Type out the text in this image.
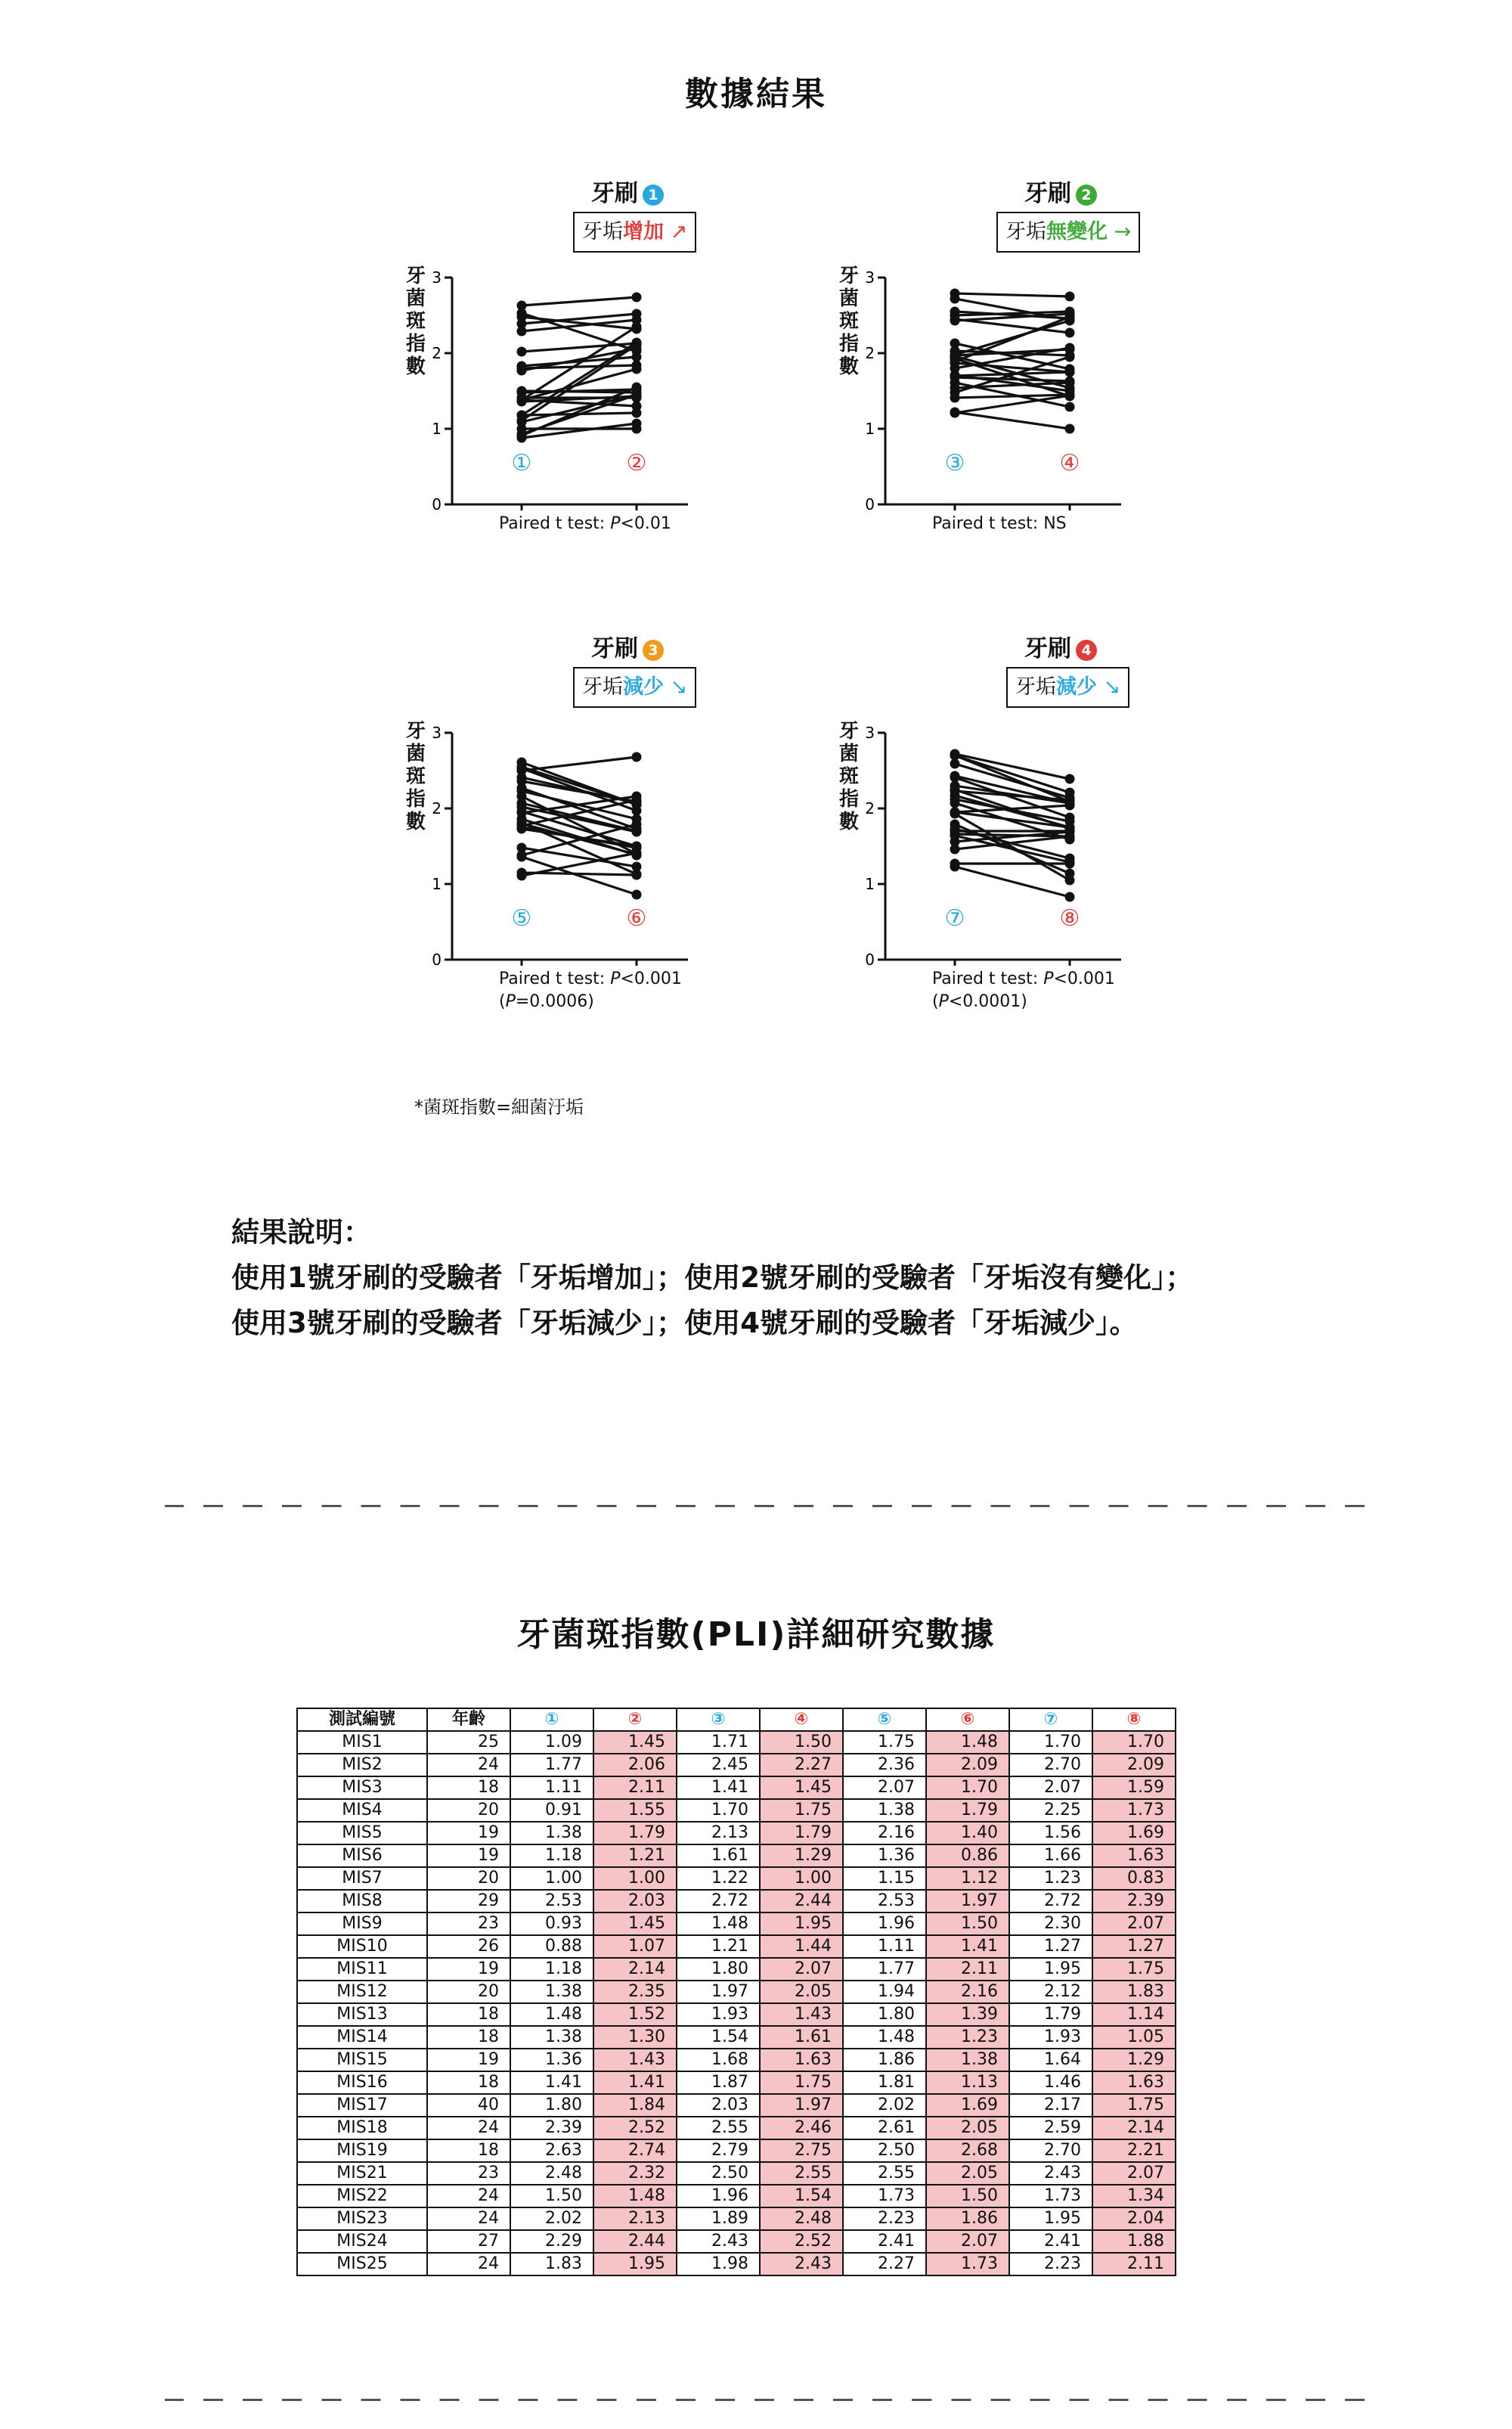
數據結果
牙刷 1
牙垢增加 ↗
牙
菌
斑
指
數
0
1
2
3
①	②
Paired t test: P<0.01
牙刷 2
牙垢無變化 →
牙
菌
斑
指
數
0
1
2
3
③	④
Paired t test: NS
牙刷 3
牙垢減少 ↘
牙
菌
斑
指
數
0
1
2
3
⑤	⑥
Paired t test: P<0.001
(P=0.0006)
牙刷 4
牙垢減少 ↘
牙
菌
斑
指
數
0
1
2
3
⑦	⑧
Paired t test: P<0.001
(P<0.0001)
*菌斑指數=細菌汙垢
結果說明：
使用1號牙刷的受驗者「牙垢增加」；使用2號牙刷的受驗者「牙垢沒有變化」；
使用3號牙刷的受驗者「牙垢減少」；使用4號牙刷的受驗者「牙垢減少」。
牙菌斑指數(PLI)詳細研究數據
測試編號	年齡	①	②	③	④	⑤	⑥	⑦	⑧
MIS1	25	1.09	1.45	1.71	1.50	1.75	1.48	1.70	1.70
MIS2	24	1.77	2.06	2.45	2.27	2.36	2.09	2.70	2.09
MIS3	18	1.11	2.11	1.41	1.45	2.07	1.70	2.07	1.59
MIS4	20	0.91	1.55	1.70	1.75	1.38	1.79	2.25	1.73
MIS5	19	1.38	1.79	2.13	1.79	2.16	1.40	1.56	1.69
MIS6	19	1.18	1.21	1.61	1.29	1.36	0.86	1.66	1.63
MIS7	20	1.00	1.00	1.22	1.00	1.15	1.12	1.23	0.83
MIS8	29	2.53	2.03	2.72	2.44	2.53	1.97	2.72	2.39
MIS9	23	0.93	1.45	1.48	1.95	1.96	1.50	2.30	2.07
MIS10	26	0.88	1.07	1.21	1.44	1.11	1.41	1.27	1.27
MIS11	19	1.18	2.14	1.80	2.07	1.77	2.11	1.95	1.75
MIS12	20	1.38	2.35	1.97	2.05	1.94	2.16	2.12	1.83
MIS13	18	1.48	1.52	1.93	1.43	1.80	1.39	1.79	1.14
MIS14	18	1.38	1.30	1.54	1.61	1.48	1.23	1.93	1.05
MIS15	19	1.36	1.43	1.68	1.63	1.86	1.38	1.64	1.29
MIS16	18	1.41	1.41	1.87	1.75	1.81	1.13	1.46	1.63
MIS17	40	1.80	1.84	2.03	1.97	2.02	1.69	2.17	1.75
MIS18	24	2.39	2.52	2.55	2.46	2.61	2.05	2.59	2.14
MIS19	18	2.63	2.74	2.79	2.75	2.50	2.68	2.70	2.21
MIS21	23	2.48	2.32	2.50	2.55	2.55	2.05	2.43	2.07
MIS22	24	1.50	1.48	1.96	1.54	1.73	1.50	1.73	1.34
MIS23	24	2.02	2.13	1.89	2.48	2.23	1.86	1.95	2.04
MIS24	27	2.29	2.44	2.43	2.52	2.41	2.07	2.41	1.88
MIS25	24	1.83	1.95	1.98	2.43	2.27	1.73	2.23	2.11
